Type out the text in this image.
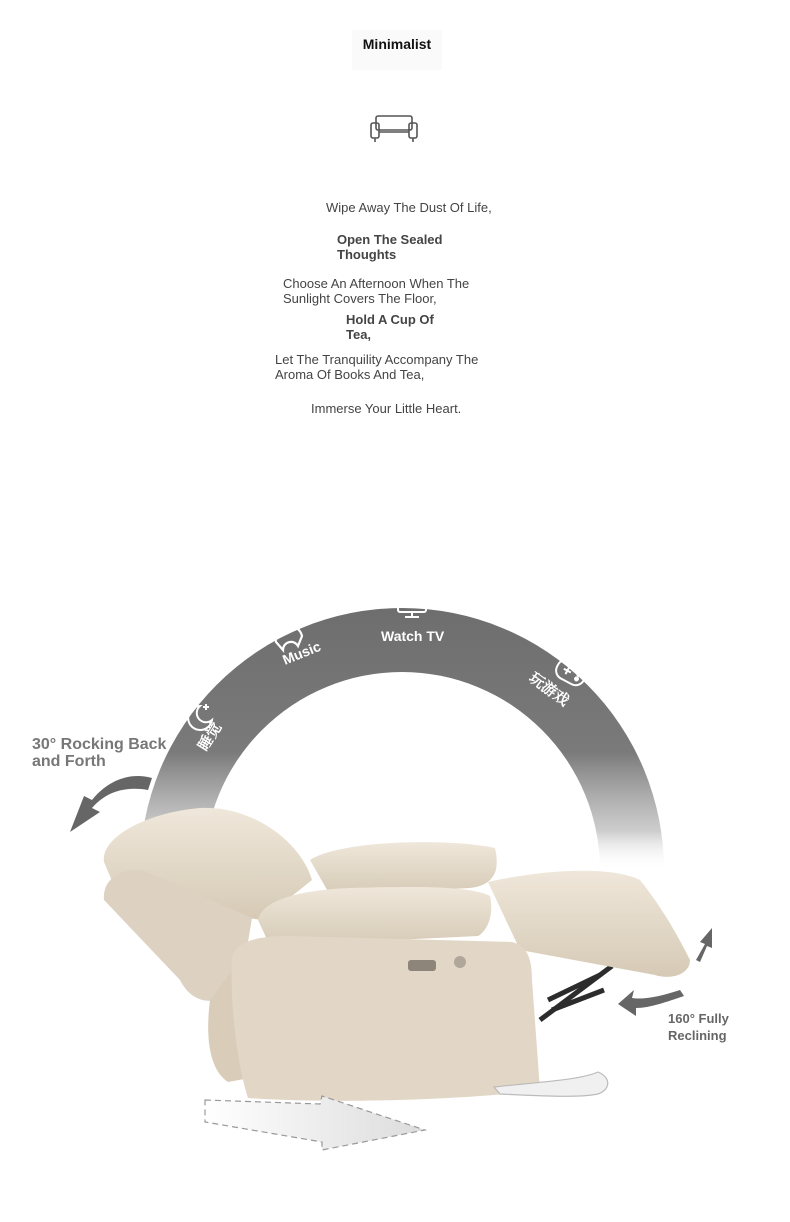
Minimalist
Wipe Away The Dust Of Life,
Open The Sealed Thoughts
Choose An Afternoon When The Sunlight Covers The Floor,
Hold A Cup Of Tea,
Let The Tranquility Accompany The Aroma Of Books And Tea,
Immerse Your Little Heart.
睡觉
Music
Watch TV
玩游戏
30° Rocking Back and Forth
160° Fully Reclining
